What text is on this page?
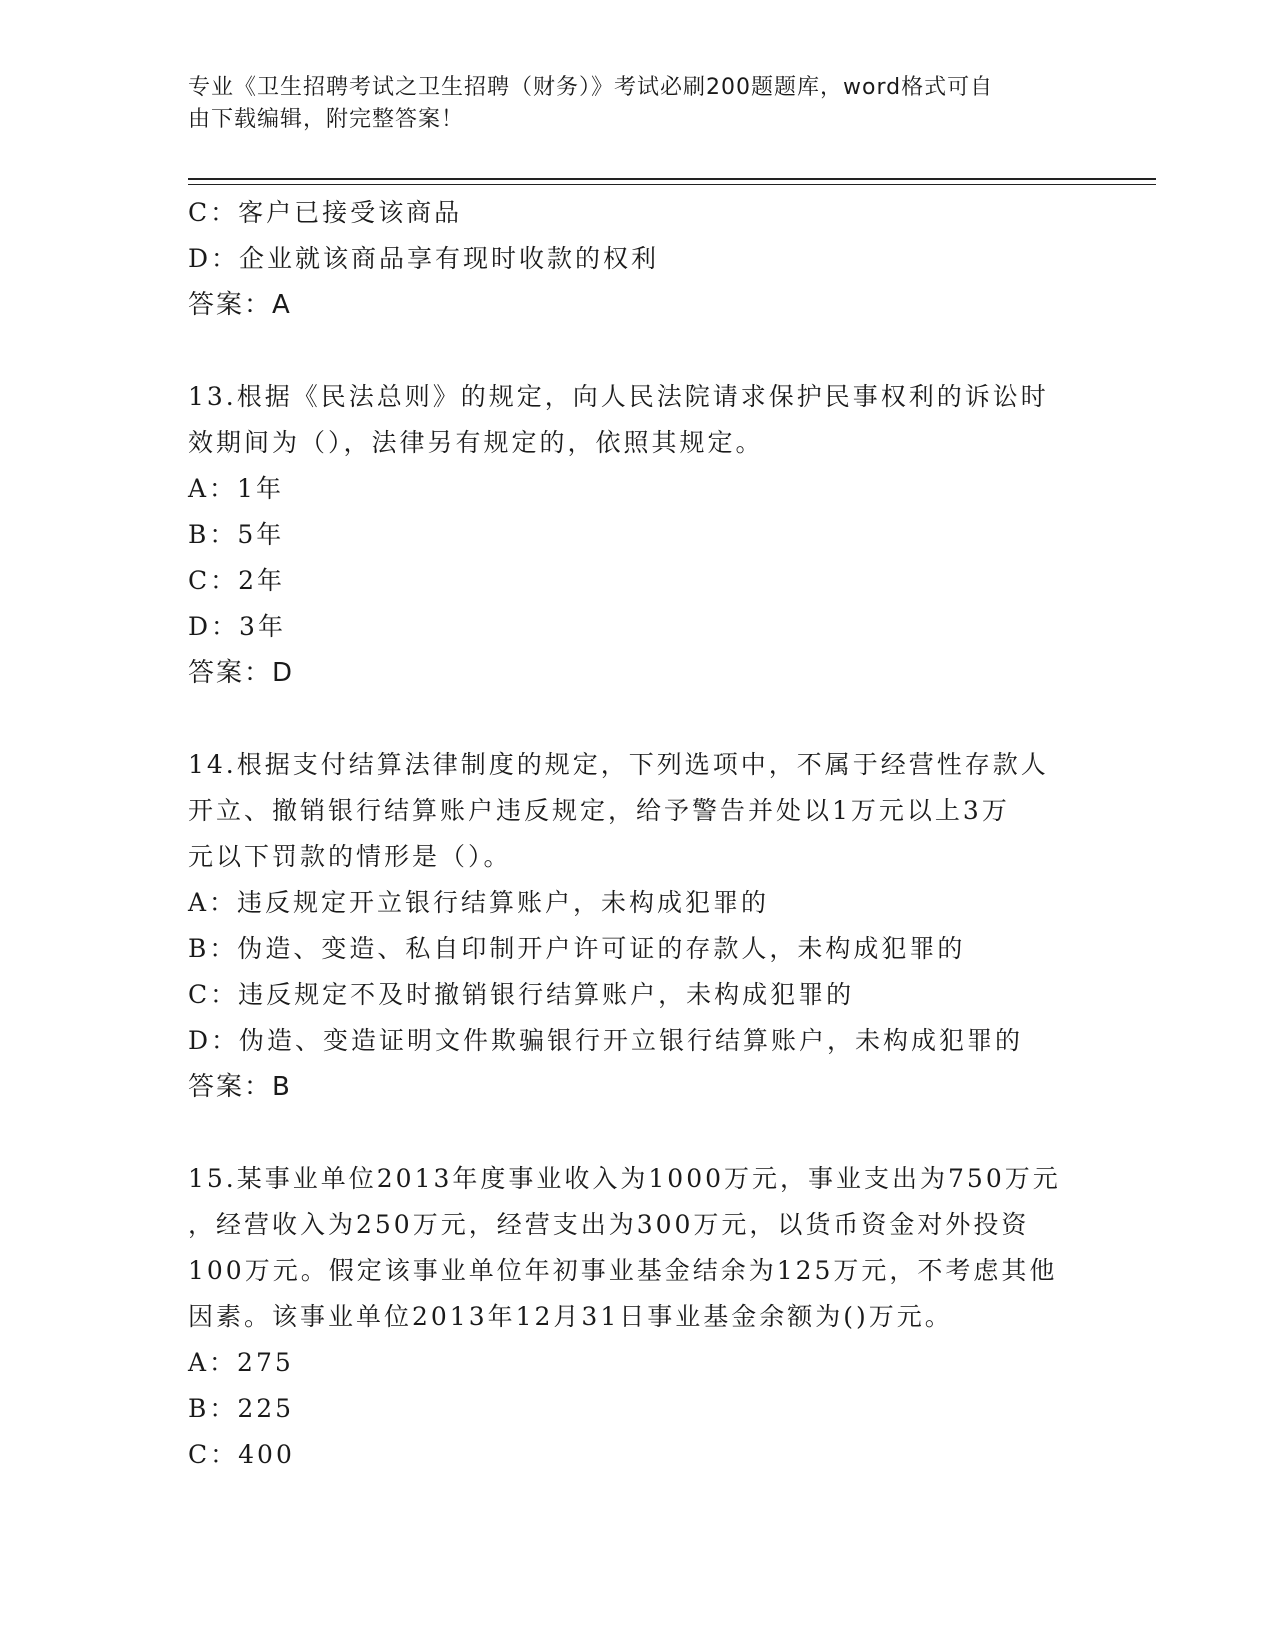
专业《卫生招聘考试之卫生招聘（财务）》考试必刷200题题库，word格式可自
由下载编辑，附完整答案！
C：客户已接受该商品
D：企业就该商品享有现时收款的权利
答案：A
13.根据《民法总则》的规定，向人民法院请求保护民事权利的诉讼时
效期间为（），法律另有规定的，依照其规定。
A：1年
B：5年
C：2年
D：3年
答案：D
14.根据支付结算法律制度的规定，下列选项中，不属于经营性存款人
开立、撤销银行结算账户违反规定，给予警告并处以1万元以上3万
元以下罚款的情形是（）。
A：违反规定开立银行结算账户，未构成犯罪的
B：伪造、变造、私自印制开户许可证的存款人，未构成犯罪的
C：违反规定不及时撤销银行结算账户，未构成犯罪的
D：伪造、变造证明文件欺骗银行开立银行结算账户，未构成犯罪的
答案：B
15.某事业单位2013年度事业收入为1000万元，事业支出为750万元
，经营收入为250万元，经营支出为300万元，以货币资金对外投资
100万元。假定该事业单位年初事业基金结余为125万元，不考虑其他
因素。该事业单位2013年12月31日事业基金余额为()万元。
A：275
B：225
C：400
